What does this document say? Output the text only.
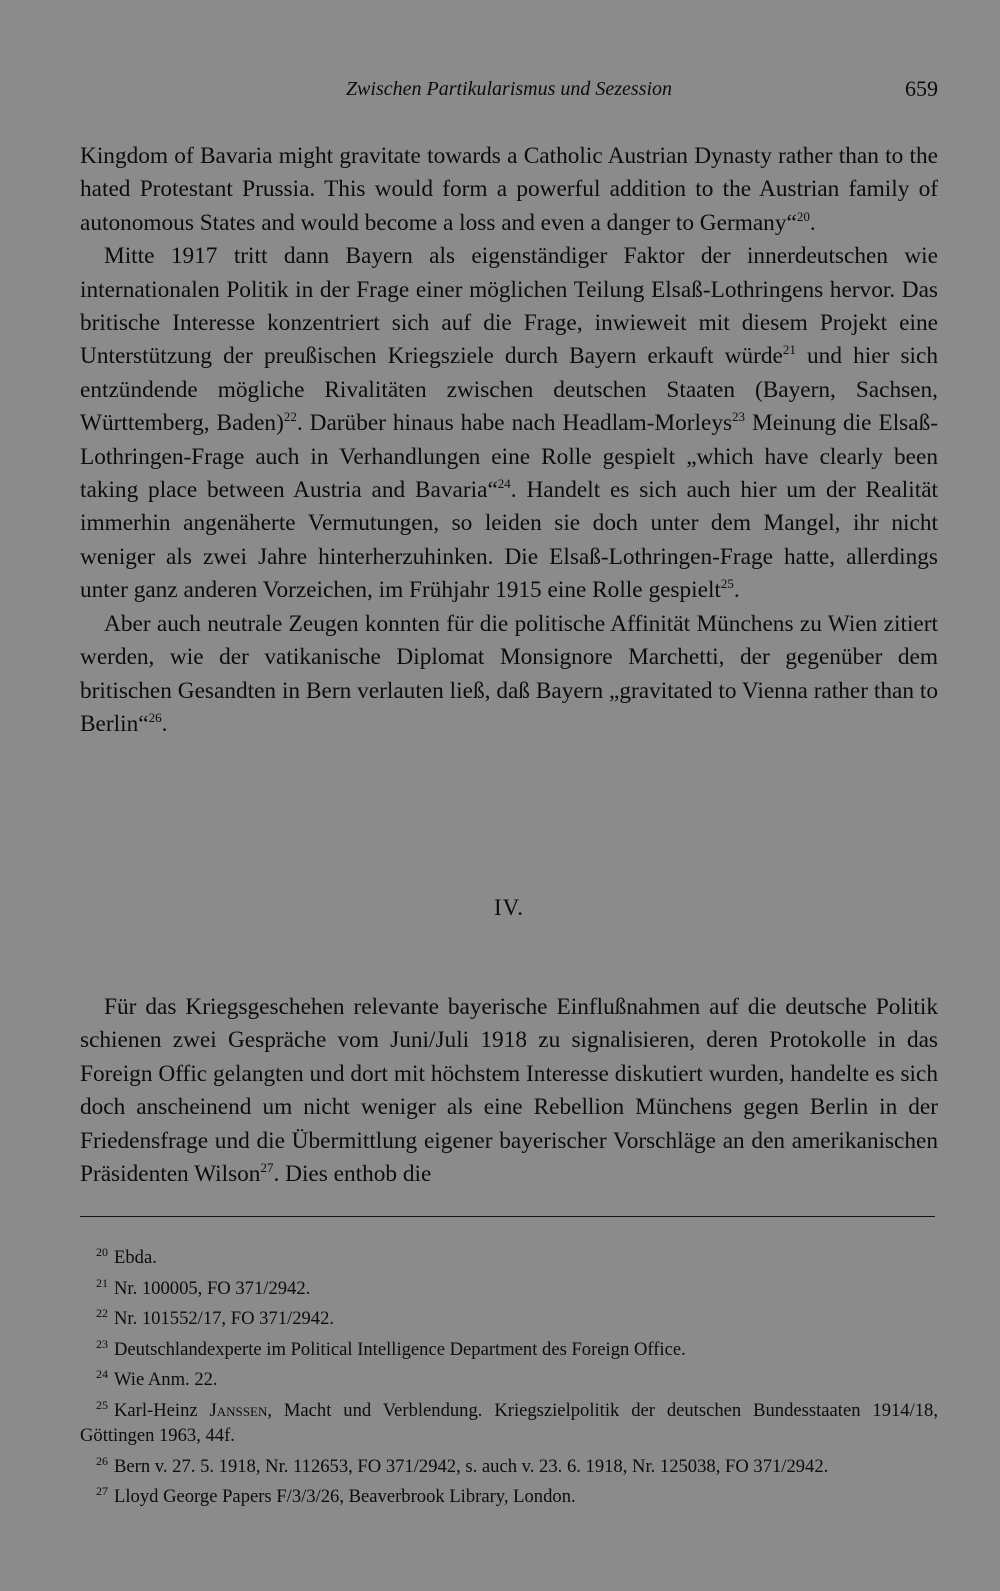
Zwischen Partikularismus und Sezession	659

Kingdom of Bavaria might gravitate towards a Catholic Austrian Dynasty rather than to the hated Protestant Prussia. This would form a powerful addition to the Austrian family of autonomous States and would become a loss and even a danger to Germany“$^{20}$.

Mitte 1917 tritt dann Bayern als eigenständiger Faktor der innerdeutschen wie internationalen Politik in der Frage einer möglichen Teilung Elsaß-Lothringens hervor. Das britische Interesse konzentriert sich auf die Frage, inwieweit mit diesem Projekt eine Unterstützung der preußischen Kriegsziele durch Bayern erkauft würde$^{21}$ und hier sich entzündende mögliche Rivalitäten zwischen deutschen Staaten (Bayern, Sachsen, Württemberg, Baden)$^{22}$. Darüber hinaus habe nach Headlam-Morleys$^{23}$ Meinung die Elsaß-Lothringen-Frage auch in Verhandlungen eine Rolle gespielt „which have clearly been taking place between Austria and Bavaria“$^{24}$. Handelt es sich auch hier um der Realität immerhin angenäherte Vermutungen, so leiden sie doch unter dem Mangel, ihr nicht weniger als zwei Jahre hinterherzuhinken. Die Elsaß-Lothringen-Frage hatte, allerdings unter ganz anderen Vorzeichen, im Frühjahr 1915 eine Rolle gespielt$^{25}$.

Aber auch neutrale Zeugen konnten für die politische Affinität Münchens zu Wien zitiert werden, wie der vatikanische Diplomat Monsignore Marchetti, der gegenüber dem britischen Gesandten in Bern verlauten ließ, daß Bayern „gravitated to Vienna rather than to Berlin“$^{26}$.

IV.

Für das Kriegsgeschehen relevante bayerische Einflußnahmen auf die deutsche Politik schienen zwei Gespräche vom Juni/Juli 1918 zu signalisieren, deren Protokolle in das Foreign Offic gelangten und dort mit höchstem Interesse diskutiert wurden, handelte es sich doch anscheinend um nicht weniger als eine Rebellion Münchens gegen Berlin in der Friedensfrage und die Übermittlung eigener bayerischer Vorschläge an den amerikanischen Präsidenten Wilson$^{27}$. Dies enthob die

$^{20}$ Ebda.
$^{21}$ Nr. 100005, FO 371/2942.
$^{22}$ Nr. 101552/17, FO 371/2942.
$^{23}$ Deutschlandexperte im Political Intelligence Department des Foreign Office.
$^{24}$ Wie Anm. 22.
$^{25}$ Karl-Heinz Janssen, Macht und Verblendung. Kriegszielpolitik der deutschen Bundesstaaten 1914/18, Göttingen 1963, 44f.
$^{26}$ Bern v. 27. 5. 1918, Nr. 112653, FO 371/2942, s. auch v. 23. 6. 1918, Nr. 125038, FO 371/2942.
$^{27}$ Lloyd George Papers F/3/3/26, Beaverbrook Library, London.
